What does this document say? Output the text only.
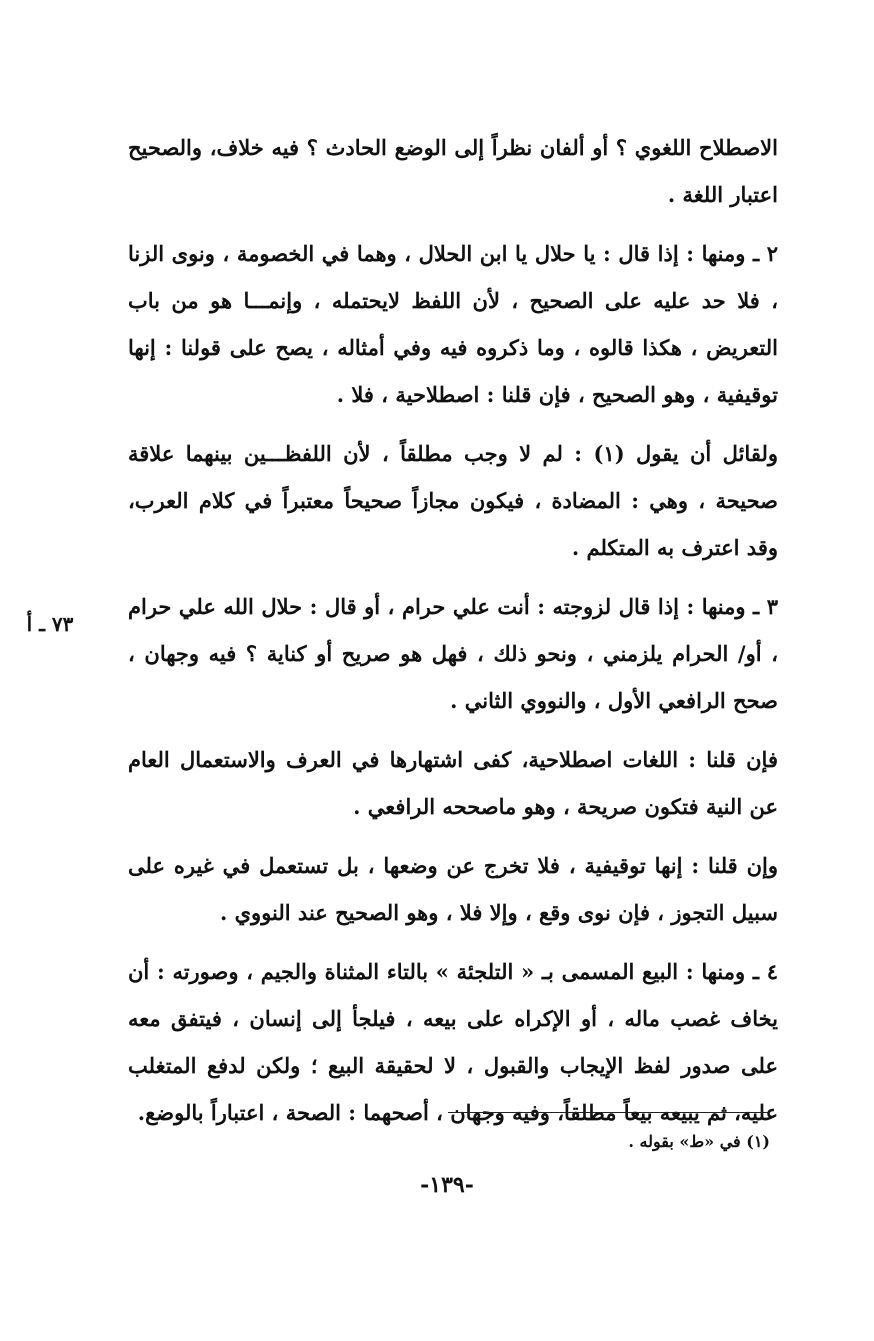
الاصطلاح اللغوي ؟ أو ألفان نظراً إلى الوضع الحادث ؟ فيه خلاف، والصحيح اعتبار اللغة .

٢ ـ ومنها : إذا قال : يا حلال يا ابن الحلال ، وهما في الخصومة ، ونوى الزنا ، فلا حد عليه على الصحيح ، لأن اللفظ لايحتمله ، وإنمـــا هو من باب التعريض ، هكذا قالوه ، وما ذكروه فيه وفي أمثاله ، يصح على قولنا : إنها توقيفية ، وهو الصحيح ، فإن قلنا : اصطلاحية ، فلا .

ولقائل أن يقول (١) : لم لا وجب مطلقاً ، لأن اللفظـــين بينهما علاقة صحيحة ، وهي : المضادة ، فيكون مجازاً صحيحاً معتبراً في كلام العرب، وقد اعترف به المتكلم .

٣ ـ ومنها : إذا قال لزوجته : أنت علي حرام ، أو قال : حلال الله علي حرام ، أو/ الحرام يلزمني ، ونحو ذلك ، فهل هو صريح أو كناية ؟ فيه وجهان ، صحح الرافعي الأول ، والنووي الثاني .

فإن قلنا : اللغات اصطلاحية، كفى اشتهارها في العرف والاستعمال العام عن النية فتكون صريحة ، وهو ماصححه الرافعي .

وإن قلنا : إنها توقيفية ، فلا تخرج عن وضعها ، بل تستعمل في غيره على سبيل التجوز ، فإن نوى وقع ، وإلا فلا ، وهو الصحيح عند النووي .

٤ ـ ومنها : البيع المسمى بـ « التلجئة » بالتاء المثناة والجيم ، وصورته : أن يخاف غصب ماله ، أو الإكراه على بيعه ، فيلجأ إلى إنسان ، فيتفق معه على صدور لفظ الإيجاب والقبول ، لا لحقيقة البيع ؛ ولكن لدفع المتغلب عليه، ثم يبيعه بيعاً مطلقاً، وفيه وجهان ، أصحهما : الصحة ، اعتباراً بالوضع.

٧٣ ـ أ
(١) في «ط» بقوله .
-١٣٩-
